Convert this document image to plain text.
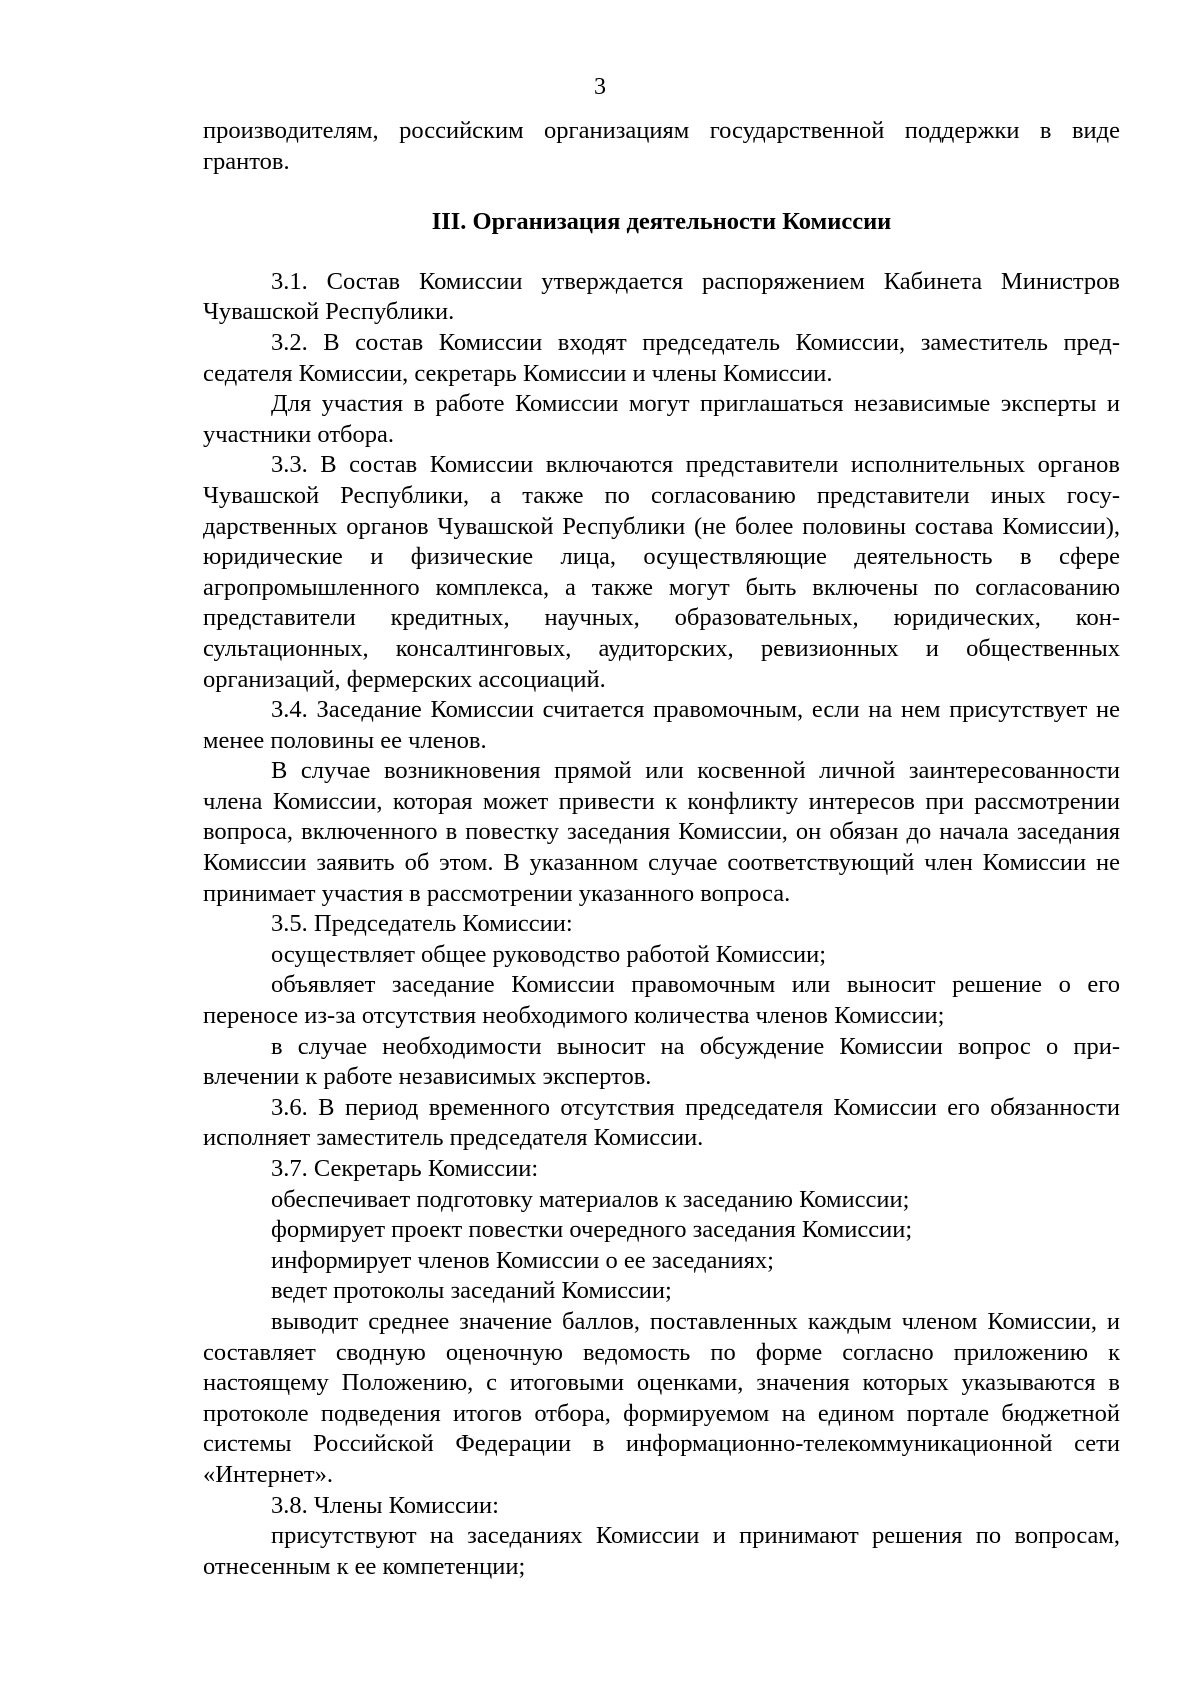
3

производителям, российским организациям государственной поддержки в виде грантов.

III. Организация деятельности Комиссии

3.1. Состав Комиссии утверждается распоряжением Кабинета Министров Чувашской Республики.

3.2. В состав Комиссии входят председатель Комиссии, заместитель председателя Комиссии, секретарь Комиссии и члены Комиссии.

Для участия в работе Комиссии могут приглашаться независимые эксперты и участники отбора.

3.3. В состав Комиссии включаются представители исполнительных органов Чувашской Республики, а также по согласованию представители иных государственных органов Чувашской Республики (не более половины состава Комиссии), юридические и физические лица, осуществляющие деятельность в сфере агропромышленного комплекса, а также могут быть включены по согласованию представители кредитных, научных, образовательных, юридических, консультационных, консалтинговых, аудиторских, ревизионных и общественных организаций, фермерских ассоциаций.

3.4. Заседание Комиссии считается правомочным, если на нем присутствует не менее половины ее членов.

В случае возникновения прямой или косвенной личной заинтересованности члена Комиссии, которая может привести к конфликту интересов при рассмотрении вопроса, включенного в повестку заседания Комиссии, он обязан до начала заседания Комиссии заявить об этом. В указанном случае соответствующий член Комиссии не принимает участия в рассмотрении указанного вопроса.

3.5. Председатель Комиссии:

осуществляет общее руководство работой Комиссии;

объявляет заседание Комиссии правомочным или выносит решение о его переносе из-за отсутствия необходимого количества членов Комиссии;

в случае необходимости выносит на обсуждение Комиссии вопрос о привлечении к работе независимых экспертов.

3.6. В период временного отсутствия председателя Комиссии его обязанности исполняет заместитель председателя Комиссии.

3.7. Секретарь Комиссии:

обеспечивает подготовку материалов к заседанию Комиссии;

формирует проект повестки очередного заседания Комиссии;

информирует членов Комиссии о ее заседаниях;

ведет протоколы заседаний Комиссии;

выводит среднее значение баллов, поставленных каждым членом Комиссии, и составляет сводную оценочную ведомость по форме согласно приложению к настоящему Положению, с итоговыми оценками, значения которых указываются в протоколе подведения итогов отбора, формируемом на едином портале бюджетной системы Российской Федерации в информационно-телекоммуникационной сети «Интернет».

3.8. Члены Комиссии:

присутствуют на заседаниях Комиссии и принимают решения по вопросам, отнесенным к ее компетенции;
